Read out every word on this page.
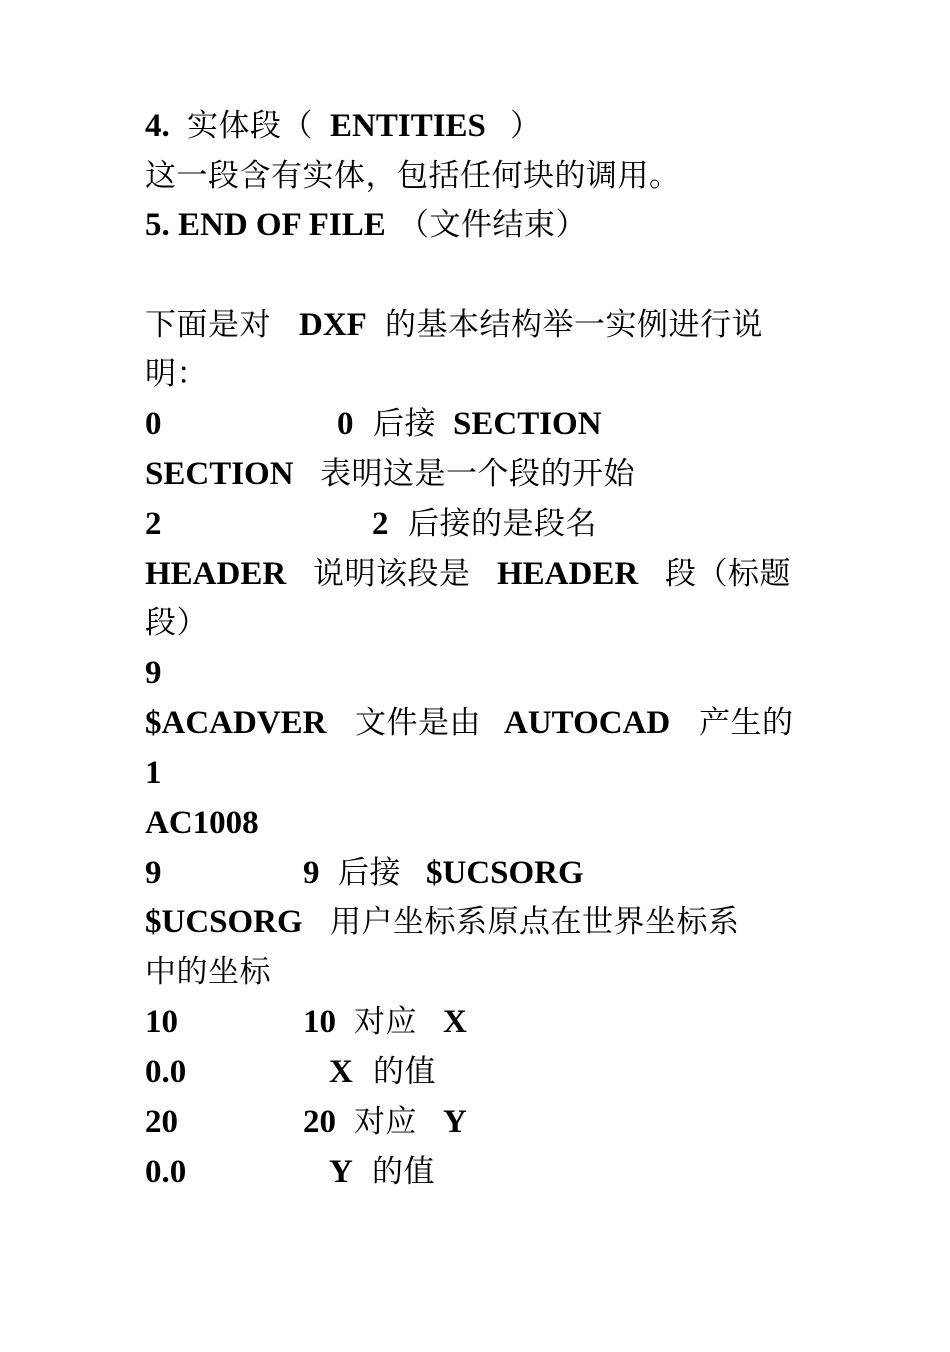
4.

实体段（

ENTITIES

）

这一段含有实体，包括任何块的调用。

5. END OF FILE

（文件结束）

下面是对

DXF

的基本结构举一实例进行说

明：

0

	0

后接

SECTION

SECTION

表明这是一个段的开始

2

	2

后接的是段名

HEADER

说明该段是

HEADER

段（标题

段）

9

$ACADVER

文件是由

AUTOCAD

产生的

1

AC1008

9

	9

后接

$UCSORG

$UCSORG

用户坐标系原点在世界坐标系

中的坐标

10

	10

对应

X

0.0

	X

的值

20

	20

对应

Y

0.0

	Y

的值
